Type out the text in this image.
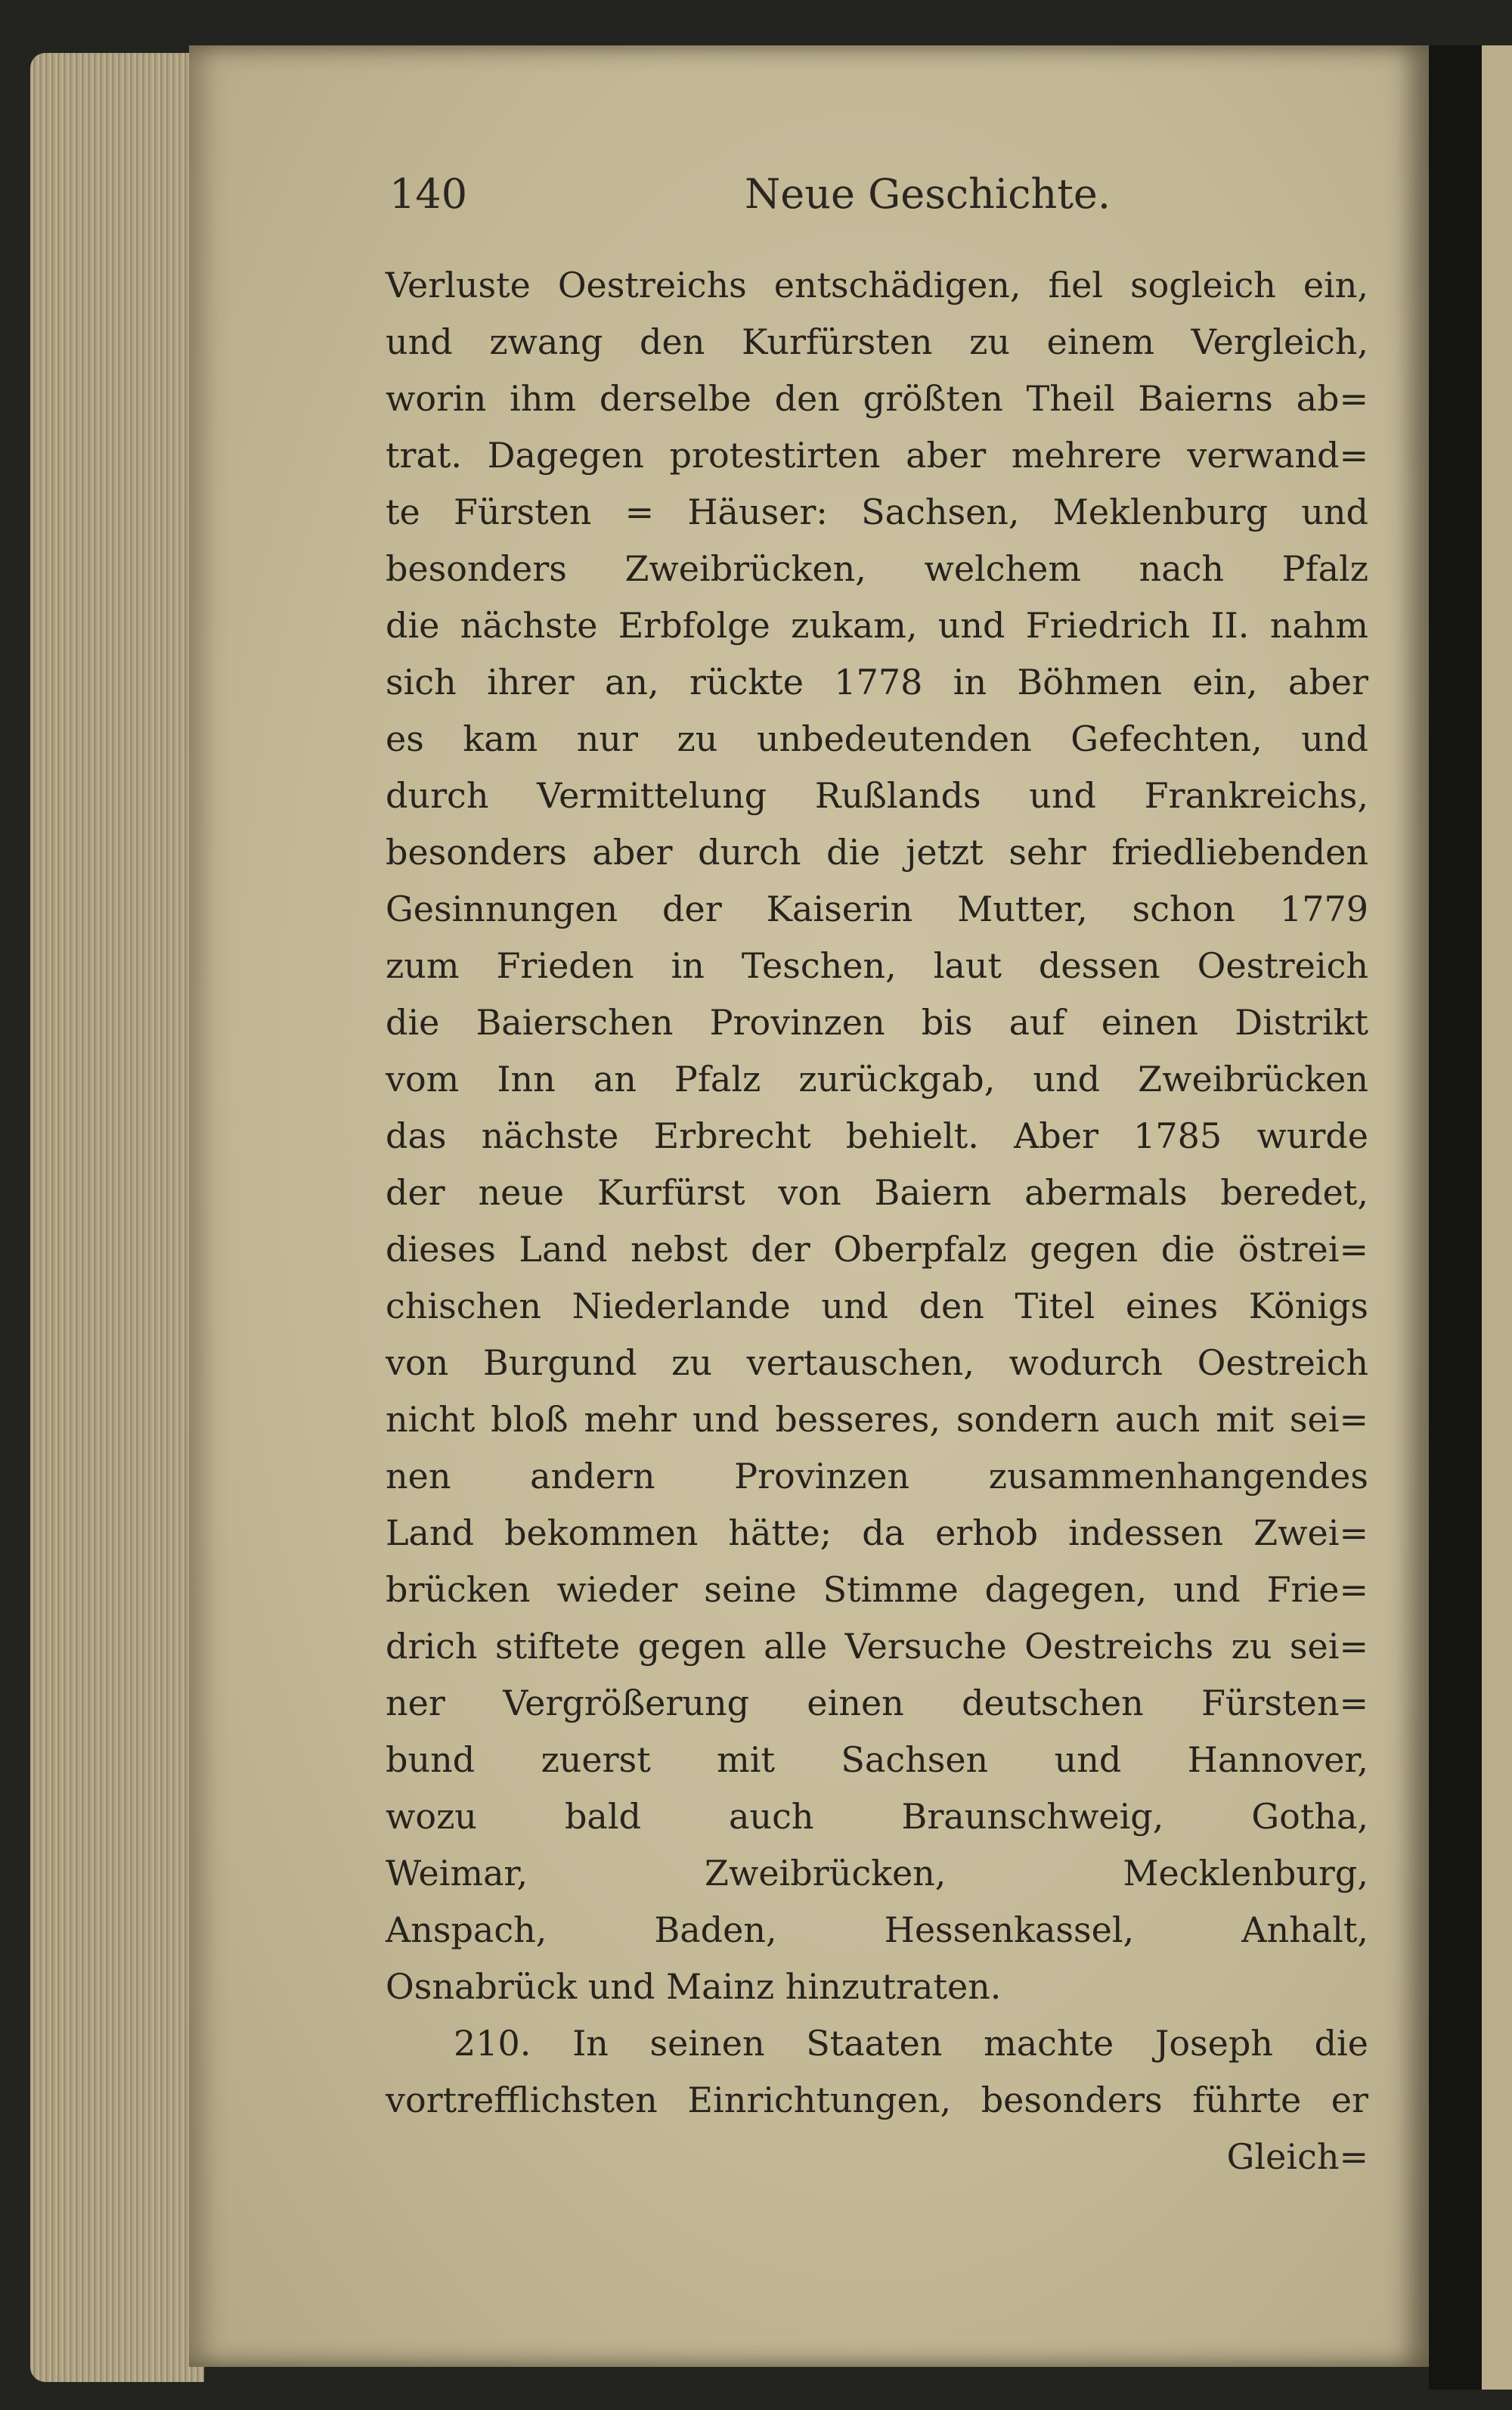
140	Neue Geschichte.
Verluste Oestreichs entschädigen, fiel sogleich ein,
und zwang den Kurfürsten zu einem Vergleich,
worin ihm derselbe den größten Theil Baierns ab=
trat. Dagegen protestirten aber mehrere verwand=
te Fürsten = Häuser: Sachsen, Meklenburg und
besonders Zweibrücken, welchem nach Pfalz
die nächste Erbfolge zukam, und Friedrich II. nahm
sich ihrer an, rückte 1778 in Böhmen ein, aber
es kam nur zu unbedeutenden Gefechten, und
durch Vermittelung Rußlands und Frankreichs,
besonders aber durch die jetzt sehr friedliebenden
Gesinnungen der Kaiserin Mutter, schon 1779
zum Frieden in Teschen, laut dessen Oestreich
die Baierschen Provinzen bis auf einen Distrikt
vom Inn an Pfalz zurückgab, und Zweibrücken
das nächste Erbrecht behielt. Aber 1785 wurde
der neue Kurfürst von Baiern abermals beredet,
dieses Land nebst der Oberpfalz gegen die östrei=
chischen Niederlande und den Titel eines Königs
von Burgund zu vertauschen, wodurch Oestreich
nicht bloß mehr und besseres, sondern auch mit sei=
nen andern Provinzen zusammenhangendes
Land bekommen hätte; da erhob indessen Zwei=
brücken wieder seine Stimme dagegen, und Frie=
drich stiftete gegen alle Versuche Oestreichs zu sei=
ner Vergrößerung einen deutschen Fürsten=
bund zuerst mit Sachsen und Hannover,
wozu bald auch Braunschweig, Gotha,
Weimar, Zweibrücken, Mecklenburg,
Anspach, Baden, Hessenkassel, Anhalt,
Osnabrück und Mainz hinzutraten.
210. In seinen Staaten machte Joseph die
vortrefflichsten Einrichtungen, besonders führte er
Gleich=
